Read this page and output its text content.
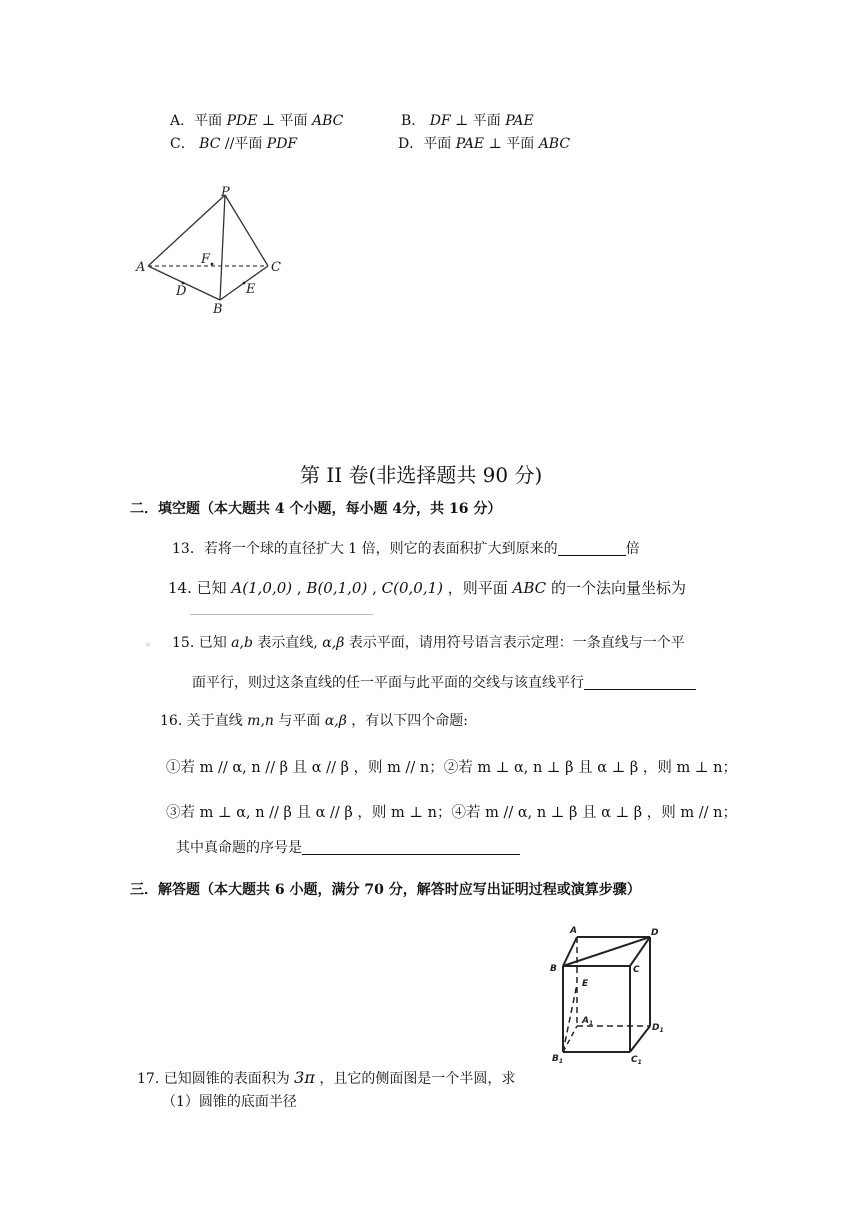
A．平面 PDE ⊥ 平面 ABC	B． DF ⊥ 平面 PAE
C． BC //平面 PDF	D．平面 PAE ⊥ 平面 ABC
P
A	C
F
D
B
E
第 II 卷(非选择题共 90 分)
二．填空题（本大题共 4 个小题，每小题 4分，共 16 分）
13．若将一个球的直径扩大 1 倍，则它的表面积扩大到原来的	倍
14. 已知 A(1,0,0) , B(0,1,0) , C(0,0,1) ，则平面 ABC 的一个法向量坐标为
。 15. 已知 a,b 表示直线, α,β 表示平面，请用符号语言表示定理：一条直线与一个平
面平行，则过这条直线的任一平面与此平面的交线与该直线平行
16. 关于直线 m,n 与平面 α,β ，有以下四个命题:
①若 m // α, n // β 且 α // β ，则 m // n；②若 m ⊥ α, n ⊥ β 且 α ⊥ β ，则 m ⊥ n；
③若 m ⊥ α, n // β 且 α // β ，则 m ⊥ n；④若 m // α, n ⊥ β 且 α ⊥ β ，则 m // n；
其中真命题的序号是
三．解答题（本大题共 6 小题，满分 70 分，解答时应写出证明过程或演算步骤）
A	D
B	C
E
$A_1$	$D_1$
$B_1$	$C_1$
17. 已知圆锥的表面积为 3π ，且它的侧面图是一个半圆，求
（1）圆锥的底面半径
